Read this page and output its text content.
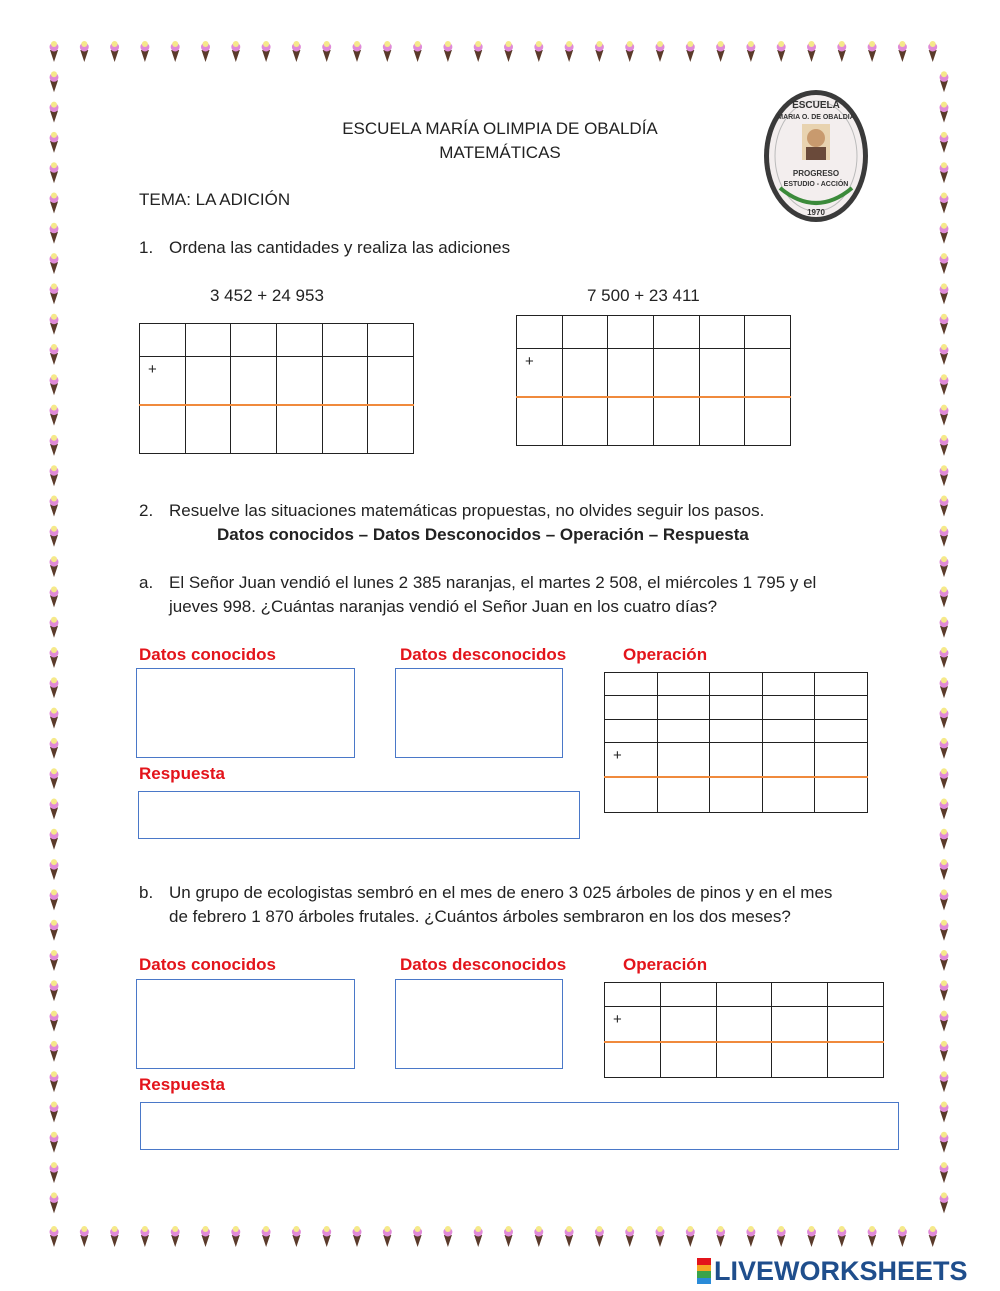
ESCUELA MARÍA OLIMPIA DE OBALDÍA
MATEMÁTICAS
ESCUELA
MARIA O. DE OBALDIA
PROGRESO
ESTUDIO - ACCIÓN
1970
TEMA: LA ADICIÓN
1. Ordena las cantidades y realiza las adiciones
3 452 + 24 953	7 500 + 23 411

+					

						+					

2. Resuelve las situaciones matemáticas propuestas, no olvides seguir los pasos.
Datos conocidos – Datos Desconocidos – Operación – Respuesta
a. El Señor Juan vendió el lunes 2 385 naranjas, el martes 2 508, el miércoles 1 795 y el
jueves 998. ¿Cuántas naranjas vendió el Señor Juan en los cuatro días?
Datos conocidos	Datos desconocidos	Operación

+				

Respuesta
b. Un grupo de ecologistas sembró en el mes de enero 3 025 árboles de pinos y en el mes
de febrero 1 870 árboles frutales. ¿Cuántos árboles sembraron en los dos meses?
Datos conocidos	Datos desconocidos	Operación

+				

Respuesta
LIVEWORKSHEETS
